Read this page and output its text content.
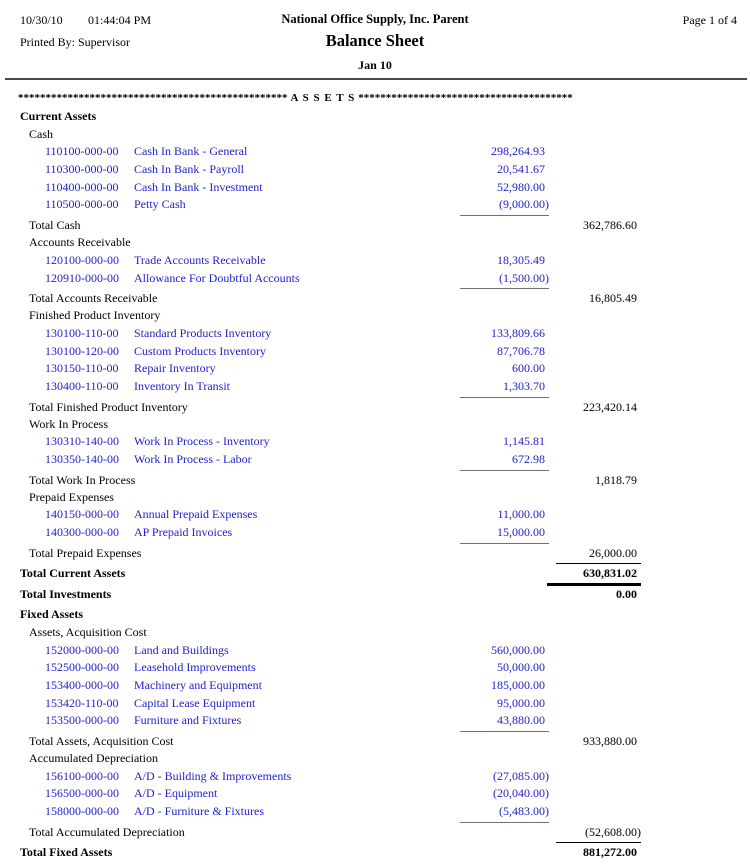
10/30/10 01:44:04 PM	National Office Supply, Inc. Parent	Page 1 of 4
Printed By: Supervisor	Balance Sheet
Jan 10
************************************************* A S S E T S ***************************************
Current Assets
Cash
110100-000-00 Cash In Bank - General	298,264.93
110300-000-00 Cash In Bank - Payroll	20,541.67
110400-000-00 Cash In Bank - Investment	52,980.00
110500-000-00 Petty Cash	(9,000.00)
Total Cash	362,786.60
Accounts Receivable
120100-000-00 Trade Accounts Receivable	18,305.49
120910-000-00 Allowance For Doubtful Accounts	(1,500.00)
Total Accounts Receivable	16,805.49
Finished Product Inventory
130100-110-00 Standard Products Inventory	133,809.66
130100-120-00 Custom Products Inventory	87,706.78
130150-110-00 Repair Inventory	600.00
130400-110-00 Inventory In Transit	1,303.70
Total Finished Product Inventory	223,420.14
Work In Process
130310-140-00 Work In Process - Inventory	1,145.81
130350-140-00 Work In Process - Labor	672.98
Total Work In Process	1,818.79
Prepaid Expenses
140150-000-00 Annual Prepaid Expenses	11,000.00
140300-000-00 AP Prepaid Invoices	15,000.00
Total Prepaid Expenses	26,000.00
Total Current Assets	630,831.02
Total Investments	0.00
Fixed Assets
Assets, Acquisition Cost
152000-000-00 Land and Buildings	560,000.00
152500-000-00 Leasehold Improvements	50,000.00
153400-000-00 Machinery and Equipment	185,000.00
153420-110-00 Capital Lease Equipment	95,000.00
153500-000-00 Furniture and Fixtures	43,880.00
Total Assets, Acquisition Cost	933,880.00
Accumulated Depreciation
156100-000-00 A/D - Building & Improvements	(27,085.00)
156500-000-00 A/D - Equipment	(20,040.00)
158000-000-00 A/D - Furniture & Fixtures	(5,483.00)
Total Accumulated Depreciation	(52,608.00)
Total Fixed Assets	881,272.00
